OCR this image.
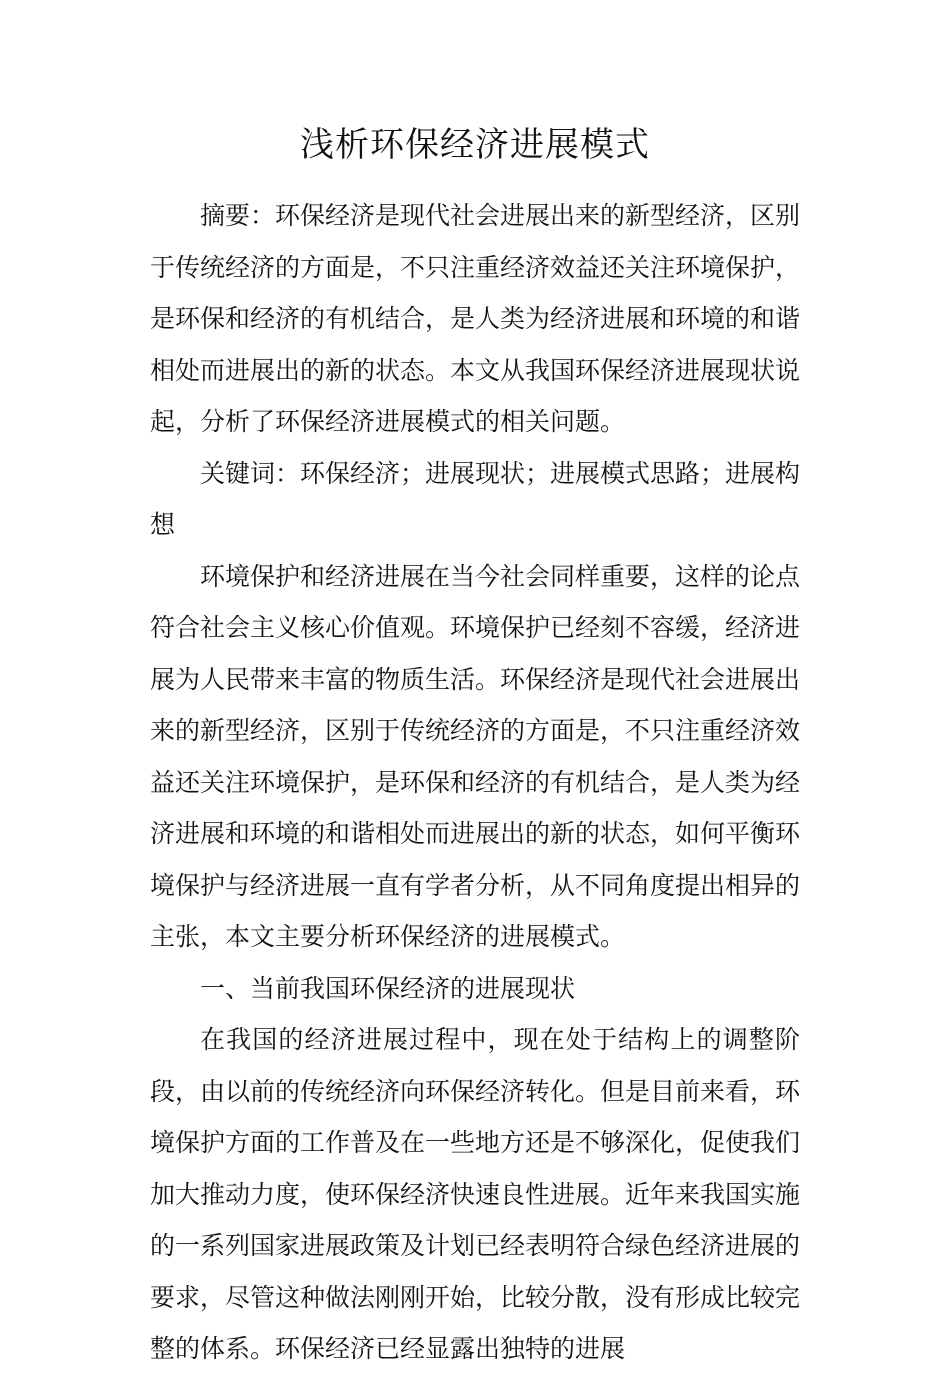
浅析环保经济进展模式

摘要：环保经济是现代社会进展出来的新型经济，区别于传统经济的方面是，不只注重经济效益还关注环境保护，是环保和经济的有机结合，是人类为经济进展和环境的和谐相处而进展出的新的状态。本文从我国环保经济进展现状说起，分析了环保经济进展模式的相关问题。

关键词：环保经济；进展现状；进展模式思路；进展构想

环境保护和经济进展在当今社会同样重要，这样的论点符合社会主义核心价值观。环境保护已经刻不容缓，经济进展为人民带来丰富的物质生活。环保经济是现代社会进展出来的新型经济，区别于传统经济的方面是，不只注重经济效益还关注环境保护，是环保和经济的有机结合，是人类为经济进展和环境的和谐相处而进展出的新的状态，如何平衡环境保护与经济进展一直有学者分析，从不同角度提出相异的主张，本文主要分析环保经济的进展模式。

一、当前我国环保经济的进展现状

在我国的经济进展过程中，现在处于结构上的调整阶段，由以前的传统经济向环保经济转化。但是目前来看，环境保护方面的工作普及在一些地方还是不够深化，促使我们加大推动力度，使环保经济快速良性进展。近年来我国实施的一系列国家进展政策及计划已经表明符合绿色经济进展的要求，尽管这种做法刚刚开始，比较分散，没有形成比较完整的体系。环保经济已经显露出独特的进展
